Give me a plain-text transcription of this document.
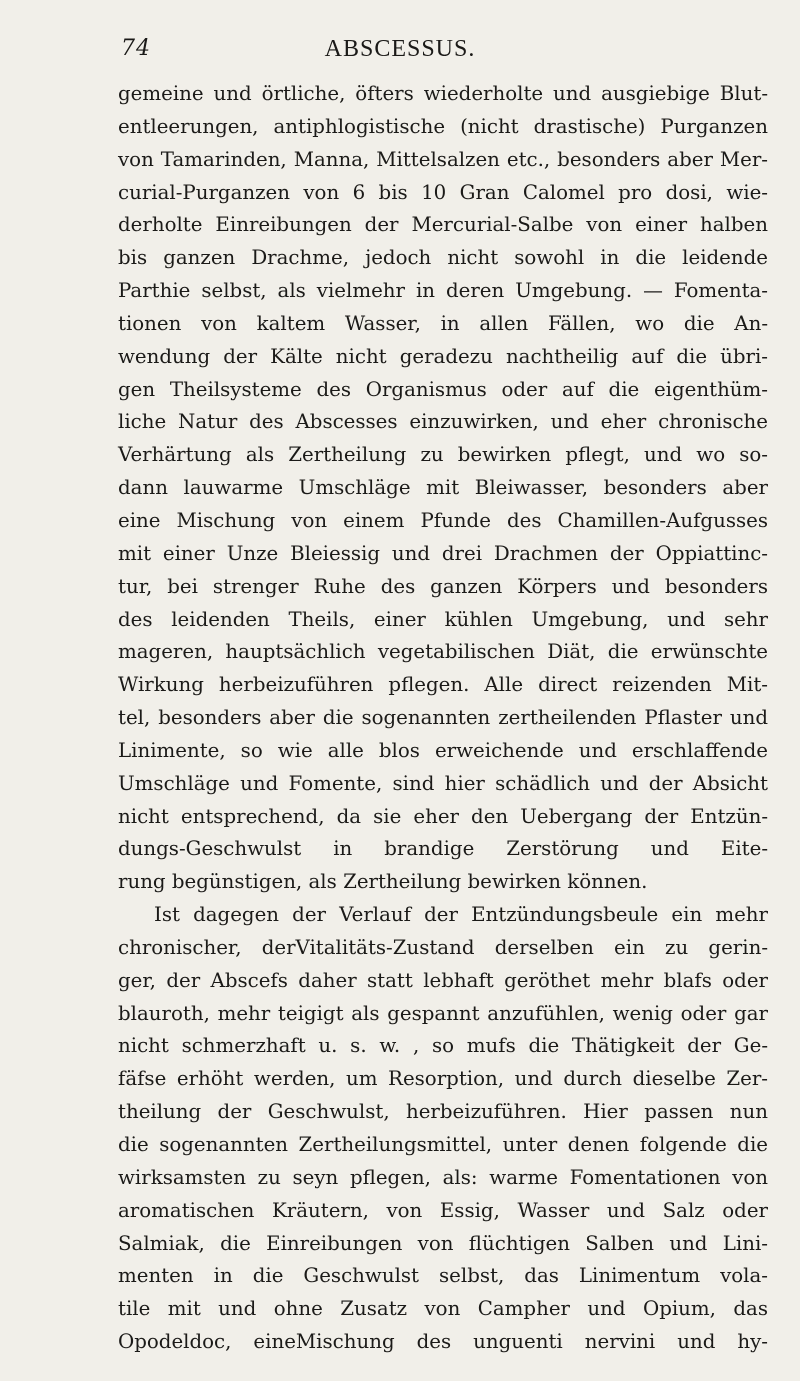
74	ABSCESSUS.
gemeine und örtliche, öfters wiederholte und ausgiebige Blut-
entleerungen, antiphlogistische (nicht drastische) Purganzen
von Tamarinden, Manna, Mittelsalzen etc., besonders aber Mer-
curial-Purganzen von 6 bis 10 Gran Calomel pro dosi, wie-
derholte Einreibungen der Mercurial-Salbe von einer halben
bis ganzen Drachme, jedoch nicht sowohl in die leidende
Parthie selbst, als vielmehr in deren Umgebung. — Fomenta-
tionen von kaltem Wasser, in allen Fällen, wo die An-
wendung der Kälte nicht geradezu nachtheilig auf die übri-
gen Theilsysteme des Organismus oder auf die eigenthüm-
liche Natur des Abscesses einzuwirken, und eher chronische
Verhärtung als Zertheilung zu bewirken pflegt, und wo so-
dann lauwarme Umschläge mit Bleiwasser, besonders aber
eine Mischung von einem Pfunde des Chamillen-Aufgusses
mit einer Unze Bleiessig und drei Drachmen der Oppiattinc-
tur, bei strenger Ruhe des ganzen Körpers und besonders
des leidenden Theils, einer kühlen Umgebung, und sehr
mageren, hauptsächlich vegetabilischen Diät, die erwünschte
Wirkung herbeizuführen pflegen. Alle direct reizenden Mit-
tel, besonders aber die sogenannten zertheilenden Pflaster und
Linimente, so wie alle blos erweichende und erschlaffende
Umschläge und Fomente, sind hier schädlich und der Absicht
nicht entsprechend, da sie eher den Uebergang der Entzün-
dungs-Geschwulst in brandige Zerstörung und Eite-
rung begünstigen, als Zertheilung bewirken können.
Ist dagegen der Verlauf der Entzündungsbeule ein mehr
chronischer, derVitalitäts-Zustand derselben ein zu gerin-
ger, der Abscefs daher statt lebhaft geröthet mehr blafs oder
blauroth, mehr teigigt als gespannt anzufühlen, wenig oder gar
nicht schmerzhaft u. s. w. , so mufs die Thätigkeit der Ge-
fäfse erhöht werden, um Resorption, und durch dieselbe Zer-
theilung der Geschwulst, herbeizuführen. Hier passen nun
die sogenannten Zertheilungsmittel, unter denen folgende die
wirksamsten zu seyn pflegen, als: warme Fomentationen von
aromatischen Kräutern, von Essig, Wasser und Salz oder
Salmiak, die Einreibungen von flüchtigen Salben und Lini-
menten in die Geschwulst selbst, das Linimentum vola-
tile mit und ohne Zusatz von Campher und Opium, das
Opodeldoc, eineMischung des unguenti nervini und hy-
